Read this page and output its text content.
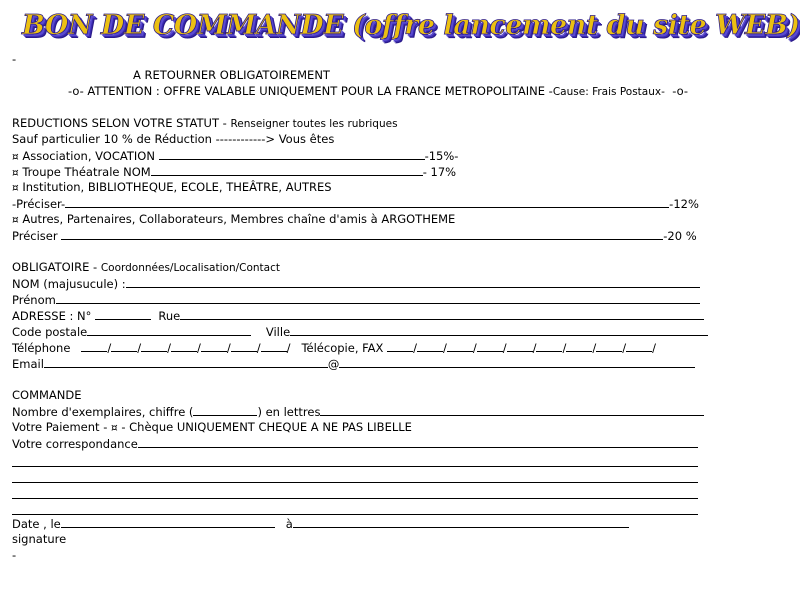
BON DE COMMANDE (offre lancement du site WEB)
-
A RETOURNER OBLIGATOIREMENT
-o- ATTENTION : OFFRE VALABLE UNIQUEMENT POUR LA FRANCE METROPOLITAINE -Cause: Frais Postaux- -o-
REDUCTIONS SELON VOTRE STATUT - Renseigner toutes les rubriques
Sauf particulier 10 % de Réduction ------------> Vous êtes
¤ Association, VOCATION	-15%-
¤ Troupe Théatrale NOM	- 17%
¤ Institution, BIBLIOTHEQUE, ECOLE, THEÂTRE, AUTRES
-Préciser-	-12%
¤ Autres, Partenaires, Collaborateurs, Membres chaîne d'amis à ARGOTHEME
Préciser	-20 %
OBLIGATOIRE - Coordonnées/Localisation/Contact
NOM (majusucule) :
Prénom
ADRESSE : N°	Rue
Code postale	Ville
Téléphone	/ / / / / / / Télécopie, FAX / / / / / / / / /
Email	@
COMMANDE
Nombre d'exemplaires, chiffre (	) en lettres
Votre Paiement - ¤ - Chèque UNIQUEMENT CHEQUE A NE PAS LIBELLE
Votre correspondance
Date , le	à
signature
-
